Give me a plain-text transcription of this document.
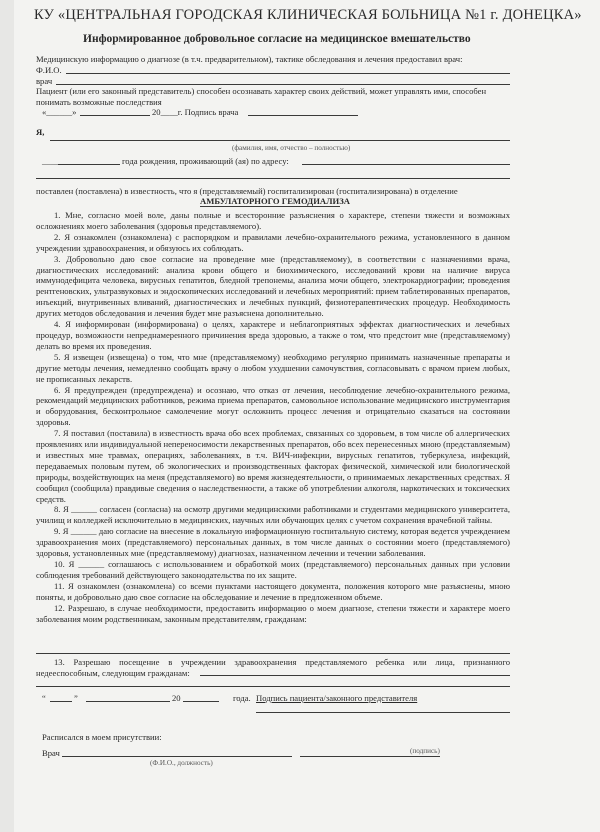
КУ «ЦЕНТРАЛЬНАЯ ГОРОДСКАЯ КЛИНИЧЕСКАЯ БОЛЬНИЦА №1 г. ДОНЕЦКА»
Информированное добровольное согласие на медицинское вмешательство
Медицинскую информацию о диагнозе (в т.ч. предварительном), тактике обследования и лечения предоставил врач:
Ф.И.О.
врач
Пациент (или его законный представитель) способен осознавать характер своих действий, может управлять ими, способен
понимать возможные последствия
«______»	20____г. Подпись врача
Я,
(фамилия, имя, отчество – полностью)
_____	года рождения, проживающий (ая) по адресу:
поставлен (поставлена) в известность, что я (представляемый) госпитализирован (госпитализирована) в отделение
АМБУЛАТОРНОГО ГЕМОДИАЛИЗА

1. Мне, согласно моей воле, даны полные и всесторонние разъяснения о характере, степени тяжести и возможных осложнениях моего заболевания (здоровья представляемого).

2. Я ознакомлен (ознакомлена) с распорядком и правилами лечебно-охранительного режима, установленного в данном учреждении здравоохранения, и обязуюсь их соблюдать.

3. Добровольно даю свое согласие на проведение мне (представляемому), в соответствии с назначениями врача, диагностических исследований: анализа крови общего и биохимического, исследований крови на наличие вируса иммунодефицита человека, вирусных гепатитов, бледной трепонемы, анализа мочи общего, электрокардиографии; проведения рентгеновских, ультразвуковых и эндоскопических исследований и лечебных мероприятий: прием таблетированных препаратов, инъекций, внутривенных вливаний, диагностических и лечебных пункций, физиотерапевтических процедур. Необходимость других методов обследования и лечения будет мне разъяснена дополнительно.

4. Я информирован (информирована) о целях, характере и неблагоприятных эффектах диагностических и лечебных процедур, возможности непреднамеренного причинения вреда здоровью, а также о том, что предстоит мне (представляемому) делать во время их проведения.

5. Я извещен (извещена) о том, что мне (представляемому) необходимо регулярно принимать назначенные препараты и другие методы лечения, немедленно сообщать врачу о любом ухудшении самочувствия, согласовывать с врачом прием любых, не прописанных лекарств.

6. Я предупрежден (предупреждена) и осознаю, что отказ от лечения, несоблюдение лечебно-охранительного режима, рекомендаций медицинских работников, режима приема препаратов, самовольное использование медицинского инструментария и оборудования, бесконтрольное самолечение могут осложнить процесс лечения и отрицательно сказаться на состоянии здоровья.

7. Я поставил (поставила) в известность врача обо всех проблемах, связанных со здоровьем, в том числе об аллергических проявлениях или индивидуальной непереносимости лекарственных препаратов, обо всех перенесенных мною (представляемым) и известных мне травмах, операциях, заболеваниях, в т.ч. ВИЧ-инфекции, вирусных гепатитов, туберкулеза, инфекций, передаваемых половым путем, об экологических и производственных факторах физической, химической или биологической природы, воздействующих на меня (представляемого) во время жизнедеятельности, о принимаемых лекарственных средствах. Я сообщил (сообщила) правдивые сведения о наследственности, а также об употреблении алкоголя, наркотических и токсических средств.

8. Я ______ согласен (согласна) на осмотр другими медицинскими работниками и студентами медицинского университета, училищ и колледжей исключительно в медицинских, научных или обучающих целях с учетом сохранения врачебной тайны.

9. Я ______ даю согласие на внесение в локальную информационную госпитальную систему, которая ведется учреждением здравоохранения моих (представляемого) персональных данных, в том числе данных о состоянии моего (представляемого) здоровья, установленных мне (представляемому) диагнозах, назначенном лечении и течении заболевания.

10. Я ______ соглашаюсь с использованием и обработкой моих (представляемого) персональных данных при условии соблюдения требований действующего законодательства по их защите.

11. Я ознакомлен (ознакомлена) со всеми пунктами настоящего документа, положения которого мне разъяснены, мною поняты, и добровольно даю свое согласие на обследование и лечение в предложенном объеме.

12. Разрешаю, в случае необходимости, предоставить информацию о моем диагнозе, степени тяжести и характере моего заболевания моим родственникам, законным представителям, гражданам:

13. Разрешаю посещение в учреждении здравоохранения представляемого ребенка или лица, признанного недееспособным, следующим гражданам:

“	”	20	года. Подпись пациента/законного представителя
Расписался в моем присутствии:
Врач	(подпись)
(Ф.И.О., должность)
